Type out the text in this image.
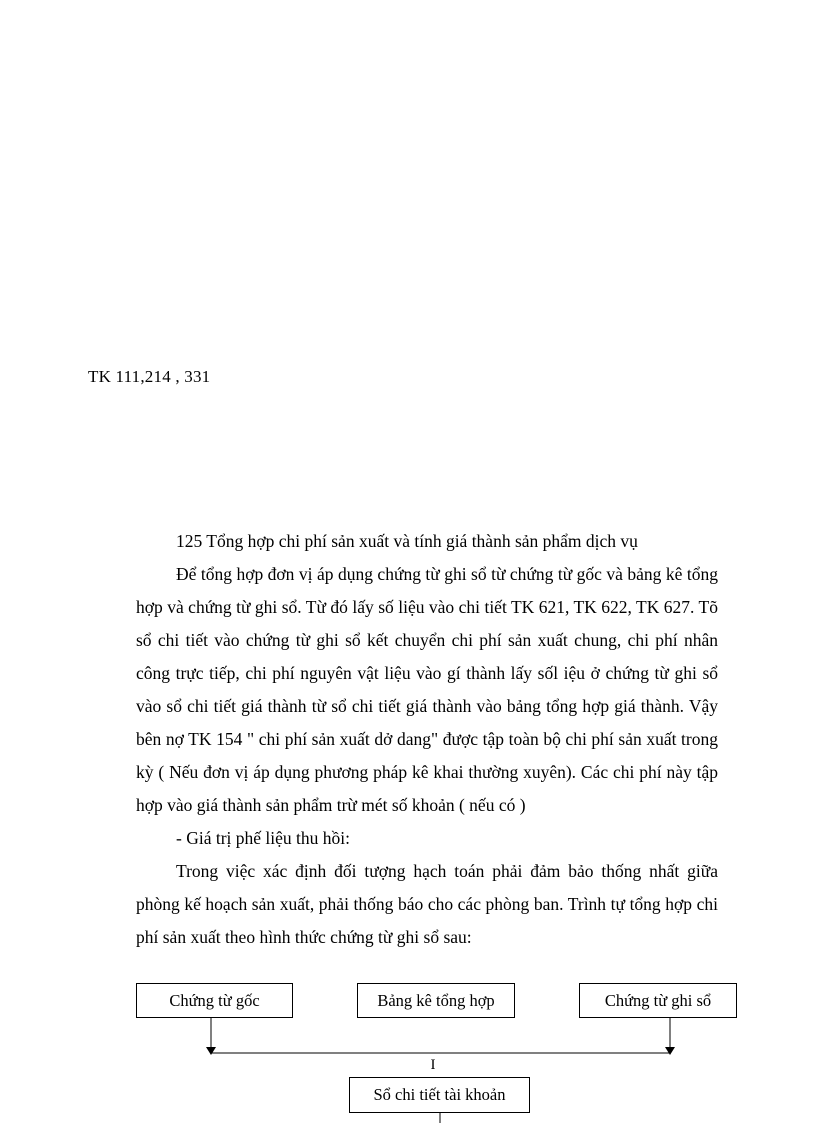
TK 111,214 , 331

125 Tổng hợp chi phí sản xuất và tính giá thành sản phẩm dịch vụ

Để tổng hợp đơn vị áp dụng chứng từ ghi sổ từ chứng từ gốc và bảng kê tổng hợp và chứng từ ghi sổ. Từ đó lấy số liệu vào chi tiết TK 621, TK 622, TK 627. Tõ sổ chi tiết vào chứng từ ghi sổ kết chuyển chi phí sản xuất chung, chi phí nhân công trực tiếp, chi phí nguyên vật liệu vào gí thành lấy sốl iệu ở chứng từ ghi sổ vào sổ chi tiết giá thành từ sổ chi tiết giá thành vào bảng tổng hợp giá thành. Vậy bên nợ TK 154 " chi phí sản xuất dở dang" được tập toàn bộ chi phí sản xuất trong kỳ ( Nếu đơn vị áp dụng phương pháp kê khai thường xuyên). Các chi phí này tập hợp vào giá thành sản phẩm trừ mét số khoản ( nếu có )

- Giá trị phế liệu thu hồi:

Trong việc xác định đối tượng hạch toán phải đảm bảo thống nhất giữa phòng kế hoạch sản xuất, phải thống báo cho các phòng ban. Trình tự tổng hợp chi phí sản xuất theo hình thức chứng từ ghi sổ sau:

Chứng từ gốc	Bảng kê tổng hợp	Chứng từ ghi sổ
I
Sổ chi tiết tài khoản
